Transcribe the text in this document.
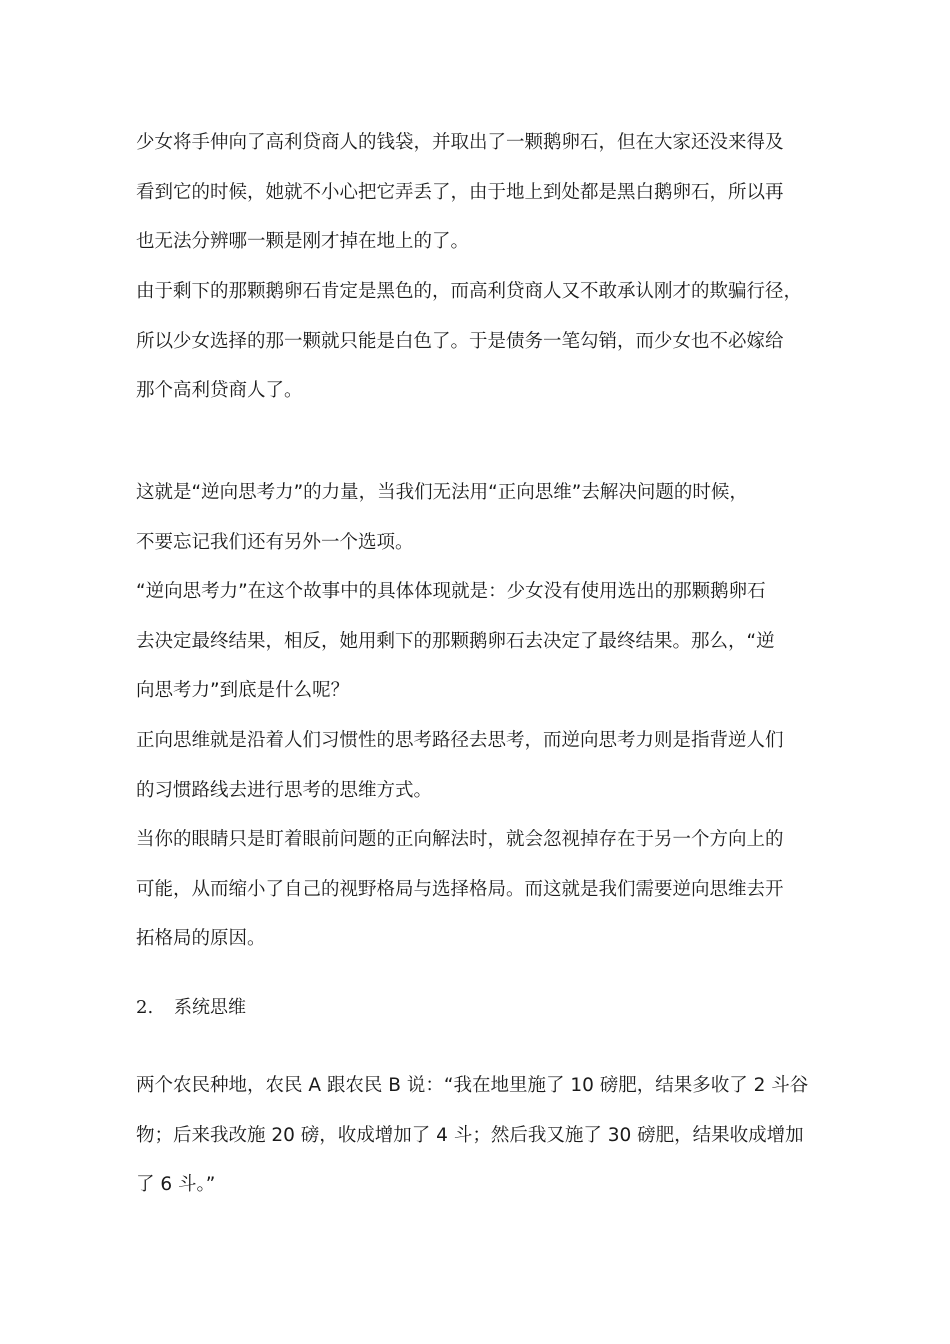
少女将手伸向了高利贷商人的钱袋，并取出了一颗鹅卵石，但在大家还没来得及
看到它的时候，她就不小心把它弄丢了，由于地上到处都是黑白鹅卵石，所以再
也无法分辨哪一颗是刚才掉在地上的了。
由于剩下的那颗鹅卵石肯定是黑色的，而高利贷商人又不敢承认刚才的欺骗行径，
所以少女选择的那一颗就只能是白色了。于是债务一笔勾销，而少女也不必嫁给
那个高利贷商人了。
这就是“逆向思考力”的力量，当我们无法用“正向思维”去解决问题的时候，
不要忘记我们还有另外一个选项。
“逆向思考力”在这个故事中的具体体现就是：少女没有使用选出的那颗鹅卵石
去决定最终结果，相反，她用剩下的那颗鹅卵石去决定了最终结果。那么，“逆
向思考力”到底是什么呢？
正向思维就是沿着人们习惯性的思考路径去思考，而逆向思考力则是指背逆人们
的习惯路线去进行思考的思维方式。
当你的眼睛只是盯着眼前问题的正向解法时，就会忽视掉存在于另一个方向上的
可能，从而缩小了自己的视野格局与选择格局。而这就是我们需要逆向思维去开
拓格局的原因。
2. 系统思维
两个农民种地，农民 A 跟农民 B 说：“我在地里施了 10 磅肥，结果多收了 2 斗谷
物；后来我改施 20 磅，收成增加了 4 斗；然后我又施了 30 磅肥，结果收成增加
了 6 斗。”
